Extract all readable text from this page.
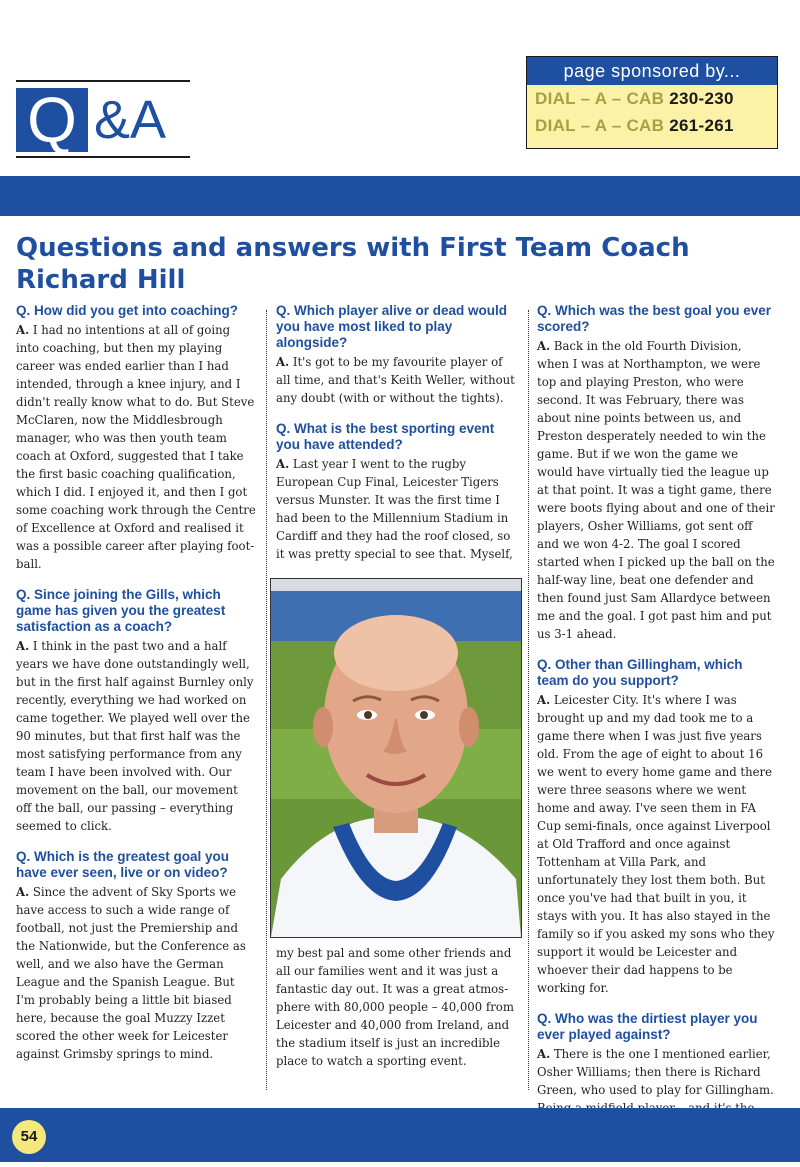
Q &A
page sponsored by...
DIAL – A – CAB 230-230
DIAL – A – CAB 261-261
Questions and answers with First Team Coach Richard Hill

Q. How did you get into coaching?

A. I had no intentions at all of going into coaching, but then my playing career was ended earlier than I had intended, through a knee injury, and I didn't really know what to do. But Steve McClaren, now the Middlesbrough manager, who was then youth team coach at Oxford, suggested that I take the first basic coaching qualification, which I did. I enjoyed it, and then I got some coaching work through the Centre of Excellence at Oxford and realised it was a possible career after playing football.

Q. Since joining the Gills, which game has given you the greatest satisfaction as a coach?

A. I think in the past two and a half years we have done outstandingly well, but in the first half against Burnley only recently, everything we had worked on came together. We played well over the 90 minutes, but that first half was the most satisfying performance from any team I have been involved with. Our movement on the ball, our movement off the ball, our passing – everything seemed to click.

Q. Which is the greatest goal you have ever seen, live or on video?

A. Since the advent of Sky Sports we have access to such a wide range of football, not just the Premiership and the Nationwide, but the Conference as well, and we also have the German League and the Spanish League. But I'm probably being a little bit biased here, because the goal Muzzy Izzet scored the other week for Leicester against Grimsby springs to mind.

Q. Which player alive or dead would you have most liked to play alongside?

A. It's got to be my favourite player of all time, and that's Keith Weller, without any doubt (with or without the tights).

Q. What is the best sporting event you have attended?

A. Last year I went to the rugby European Cup Final, Leicester Tigers versus Munster. It was the first time I had been to the Millennium Stadium in Cardiff and they had the roof closed, so it was pretty special to see that. Myself,

my best pal and some other friends and all our families went and it was just a fantastic day out. It was a great atmosphere with 80,000 people – 40,000 from Leicester and 40,000 from Ireland, and the stadium itself is just an incredible place to watch a sporting event.

Q. Which was the best goal you ever scored?

A. Back in the old Fourth Division, when I was at Northampton, we were top and playing Preston, who were second. It was February, there was about nine points between us, and Preston desperately needed to win the game. But if we won the game we would have virtually tied the league up at that point. It was a tight game, there were boots flying about and one of their players, Osher Williams, got sent off and we won 4-2. The goal I scored started when I picked up the ball on the half-way line, beat one defender and then found just Sam Allardyce between me and the goal. I got past him and put us 3-1 ahead.

Q. Other than Gillingham, which team do you support?

A. Leicester City. It's where I was brought up and my dad took me to a game there when I was just five years old. From the age of eight to about 16 we went to every home game and there were three seasons where we went home and away. I've seen them in FA Cup semi-finals, once against Liverpool at Old Trafford and once against Tottenham at Villa Park, and unfortunately they lost them both. But once you've had that built in you, it stays with you. It has also stayed in the family so if you asked my sons who they support it would be Leicester and whoever their dad happens to be working for.

Q. Who was the dirtiest player you ever played against?

A. There is the one I mentioned earlier, Osher Williams; then there is Richard Green, who used to play for Gillingham.

54
